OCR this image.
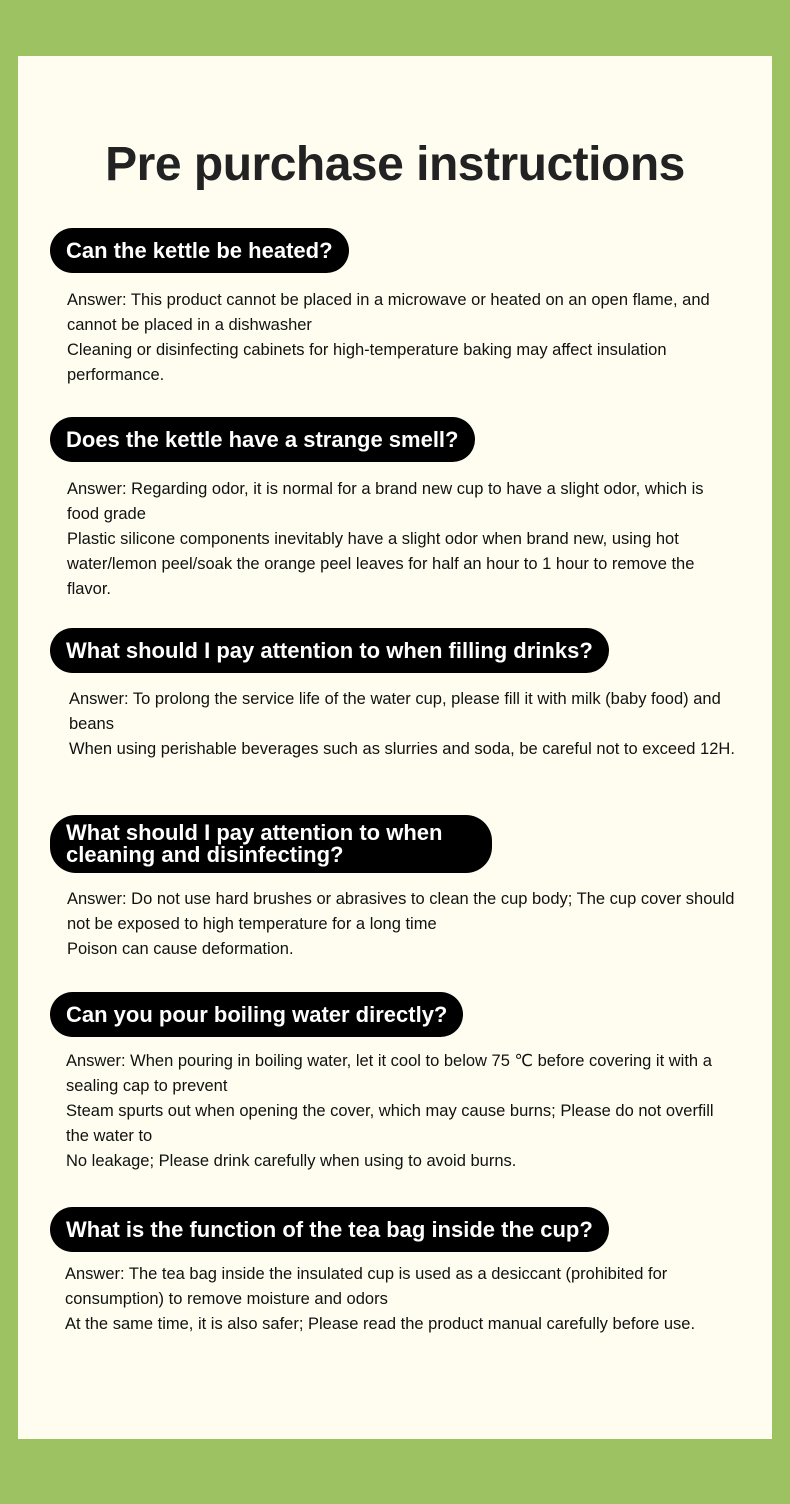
Pre purchase instructions
Can the kettle be heated?

Answer: This product cannot be placed in a microwave or heated on an open flame, and cannot be placed in a dishwasher

Cleaning or disinfecting cabinets for high-temperature baking may affect insulation performance.

Does the kettle have a strange smell?

Answer: Regarding odor, it is normal for a brand new cup to have a slight odor, which is food grade

Plastic silicone components inevitably have a slight odor when brand new, using hot water/lemon peel/soak the orange peel leaves for half an hour to 1 hour to remove the flavor.

What should I pay attention to when filling drinks?

Answer: To prolong the service life of the water cup, please fill it with milk (baby food) and beans

When using perishable beverages such as slurries and soda, be careful not to exceed 12H.

What should I pay attention to when cleaning and disinfecting?

Answer: Do not use hard brushes or abrasives to clean the cup body; The cup cover should not be exposed to high temperature for a long time

Poison can cause deformation.

Can you pour boiling water directly?

Answer: When pouring in boiling water, let it cool to below 75 ℃ before covering it with a sealing cap to prevent

Steam spurts out when opening the cover, which may cause burns; Please do not overfill the water to

No leakage; Please drink carefully when using to avoid burns.

What is the function of the tea bag inside the cup?

Answer: The tea bag inside the insulated cup is used as a desiccant (prohibited for consumption) to remove moisture and odors

At the same time, it is also safer; Please read the product manual carefully before use.
